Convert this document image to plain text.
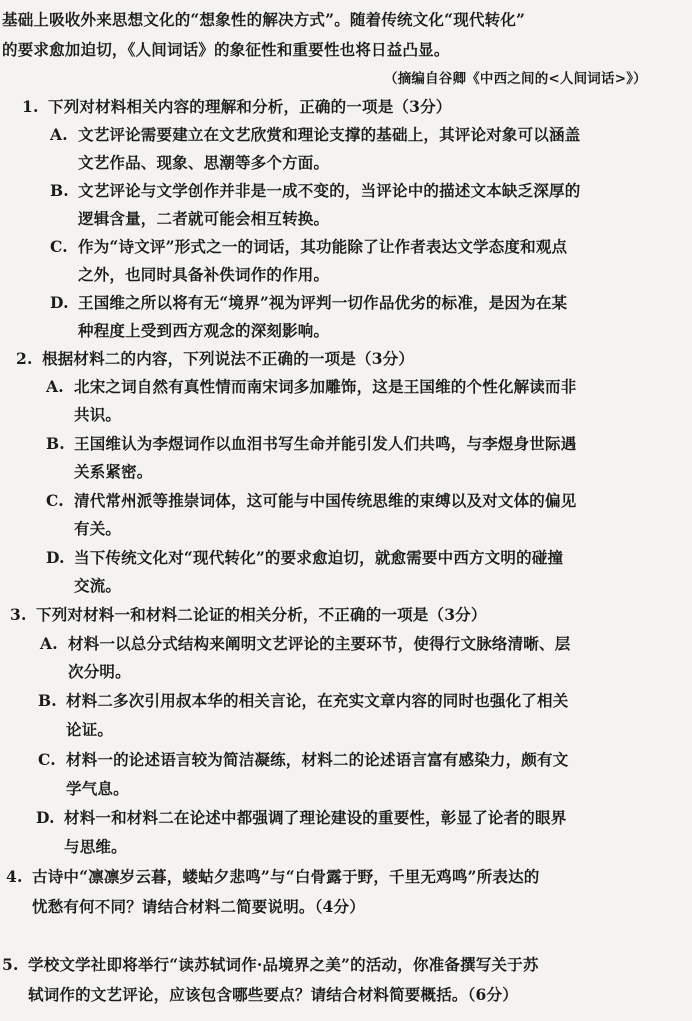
基础上吸收外来思想文化的“想象性的解决方式”。随着传统文化“现代转化”
的要求愈加迫切，《人间词话》的象征性和重要性也将日益凸显。
（摘编自谷卿《中西之间的<人间词话>》）
1. 下列对材料相关内容的理解和分析，正确的一项是（3分）
A. 文艺评论需要建立在文艺欣赏和理论支撑的基础上，其评论对象可以涵盖
文艺作品、现象、思潮等多个方面。
B. 文艺评论与文学创作并非是一成不变的，当评论中的描述文本缺乏深厚的
逻辑含量，二者就可能会相互转换。
C. 作为“诗文评”形式之一的词话，其功能除了让作者表达文学态度和观点
之外，也同时具备补佚词作的作用。
D. 王国维之所以将有无“境界”视为评判一切作品优劣的标准，是因为在某
种程度上受到西方观念的深刻影响。
2. 根据材料二的内容，下列说法不正确的一项是（3分）
A. 北宋之词自然有真性情而南宋词多加雕饰，这是王国维的个性化解读而非
共识。
B. 王国维认为李煜词作以血泪书写生命并能引发人们共鸣，与李煜身世际遇
关系紧密。
C. 清代常州派等推崇词体，这可能与中国传统思维的束缚以及对文体的偏见
有关。
D. 当下传统文化对“现代转化”的要求愈迫切，就愈需要中西方文明的碰撞
交流。
3. 下列对材料一和材料二论证的相关分析，不正确的一项是（3分）
A. 材料一以总分式结构来阐明文艺评论的主要环节，使得行文脉络清晰、层
次分明。
B. 材料二多次引用叔本华的相关言论，在充实文章内容的同时也强化了相关
论证。
C. 材料一的论述语言较为简洁凝练，材料二的论述语言富有感染力，颇有文
学气息。
D. 材料一和材料二在论述中都强调了理论建设的重要性，彰显了论者的眼界
与思维。
4. 古诗中“凛凛岁云暮，蝼蛄夕悲鸣”与“白骨露于野，千里无鸡鸣”所表达的
忧愁有何不同？请结合材料二简要说明。（4分）
5. 学校文学社即将举行“读苏轼词作·品境界之美”的活动，你准备撰写关于苏
轼词作的文艺评论，应该包含哪些要点？请结合材料简要概括。（6分）
